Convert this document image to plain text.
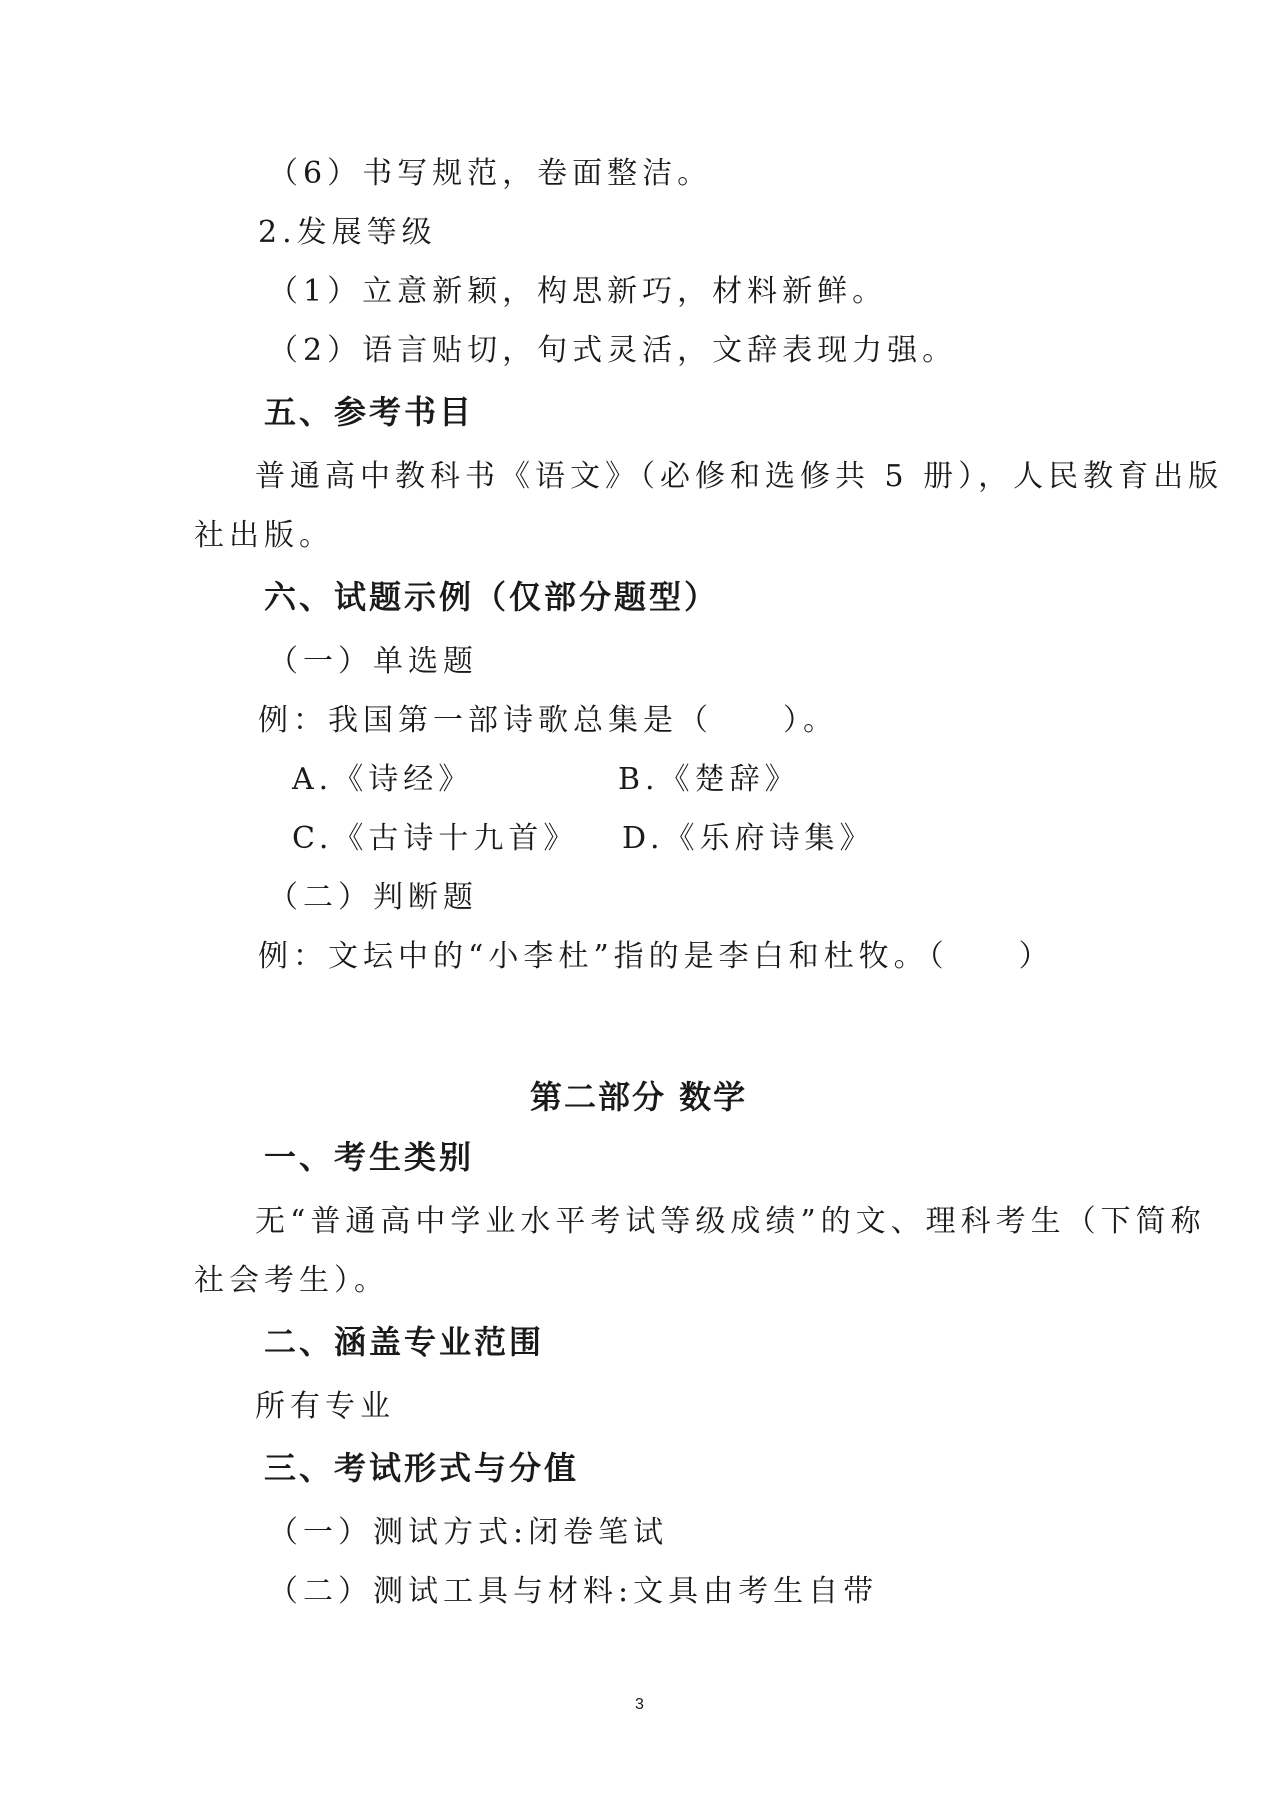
（6）书写规范，卷面整洁。
2.发展等级
（1）立意新颖，构思新巧，材料新鲜。
（2）语言贴切，句式灵活，文辞表现力强。
五、参考书目
普通高中教科书《语文》（必修和选修共 5 册），人民教育出版
社出版。
六、试题示例（仅部分题型）
（一）单选题
例：我国第一部诗歌总集是（　　）。
A.《诗经》	B.《楚辞》
C.《古诗十九首》 D.《乐府诗集》
（二）判断题
例：文坛中的“小李杜”指的是李白和杜牧。（　　）
第二部分 数学
一、考生类别
无“普通高中学业水平考试等级成绩”的文、理科考生（下简称
社会考生）。
二、涵盖专业范围
所有专业
三、考试形式与分值
（一）测试方式:闭卷笔试
（二）测试工具与材料:文具由考生自带
3
